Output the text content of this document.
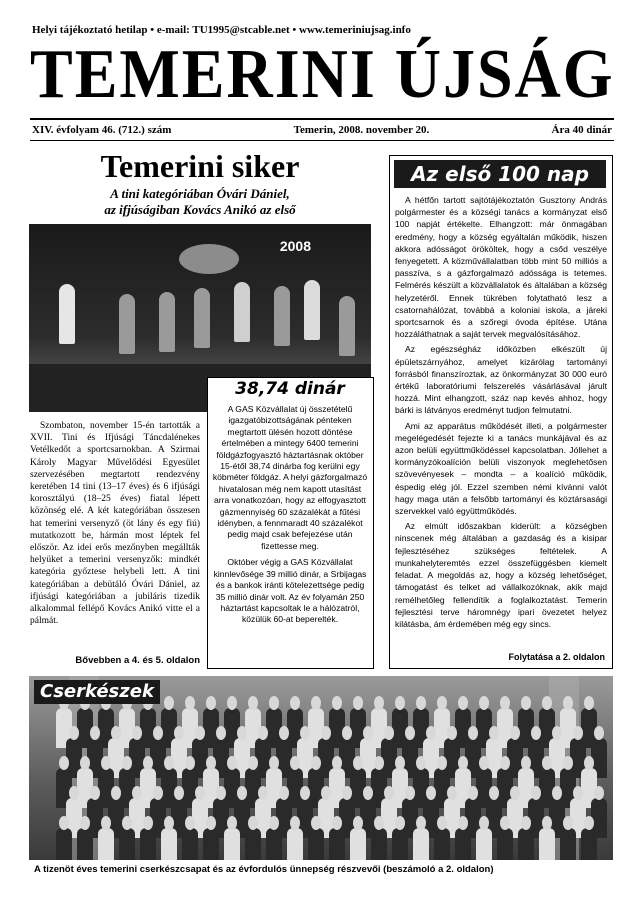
Helyi tájékoztató hetilap • e-mail: TU1995@stcable.net • www.temeriniujsag.info
TEMERINI ÚJSÁG
XIV. évfolyam 46. (712.) szám	Temerin, 2008. november 20.	Ára 40 dinár
Temerini siker
A tini kategóriában Óvári Dániel,
az ifjúságiban Kovács Anikó az első
2008

Szombaton, november 15-én tartották a XVII. Tini és Ifjúsági Táncdalénekes Vetélkedőt a sportcsarnokban. A Szirmai Károly Magyar Művelődési Egyesület szervezésében megtartott rendezvény keretében 14 tini (13–17 éves) és 6 ifjúsági korosztályú (18–25 éves) fiatal lépett közönség elé. A két kategóriában összesen hat temerini versenyző (öt lány és egy fiú) mutatkozott be, hármán most léptek fel először. Az idei erős mezőnyben megállták helyüket a temerini versenyzők: mindkét kategória győztese helybeli lett. A tini kategóriában a debütáló Óvári Dániel, az ifjúsági kategóriában a jubiláris tizedik alkalommal fellépő Kovács Anikó vitte el a pálmát.

Bővebben a 4. és 5. oldalon
38,74 dinár

A GAS Közvállalat új összetételű igazgatóbizottságának pénteken megtartott ülésén hozott döntése értelmében a mintegy 6400 temerini földgázfogyasztó háztartásnak október 15-étől 38,74 dinárba fog kerülni egy köbméter földgáz. A helyi gázforgalmazó hivatalosan még nem kapott utasítást arra vonatkozóan, hogy az elfogyasztott gázmennyiség 60 százalékát a fűtési idényben, a fennmaradt 40 százalékot pedig majd csak befejezése után fizettesse meg.

Október végig a GAS Közvállalat kinnlevősége 39 millió dinár, a Srbijagas és a bankok iránti kötelezettsége pedig 35 millió dinár volt. Az év folyamán 250 háztartást kapcsoltak le a hálózatról, közülük 60-at beperelték.

Az első 100 nap

A hétfőn tartott sajtótájékoztatón Gusztony András polgármester és a községi tanács a kormányzat első 100 napját értékelte. Elhangzott: már önmagában eredmény, hogy a község egyáltalán működik, hiszen akkora adósságot örököltek, hogy a csőd veszélye fenyegetett. A közművállalatban több mint 50 milliós a passzíva, s a gázforgalmazó adóssága is tetemes. Felmérés készült a közvállalatok és általában a község helyzetéről. Ennek tükrében folytatható lesz a csatornahálózat, továbbá a koloniai iskola, a járeki sportcsarnok és a szőregi óvoda építése. Utána hozzáláthatnak a saját tervek megvalósításához.

Az egészségház időközben elkészült új épületszárnyához, amelyet kizárólag tartományi forrásból finanszíroztak, az önkormányzat 30 000 euró értékű laboratóriumi felszerelés vásárlásával járult hozzá. Mint elhangzott, száz nap kevés ahhoz, hogy bárki is látványos eredményt tudjon felmutatni.

Ami az apparátus működését illeti, a polgármester megelégedését fejezte ki a tanács munkájával és az azon belüli együttműködéssel kapcsolatban. Jóllehet a kormányzókoalíción belüli viszonyok meglehetősen szövevényesek – mondta – a koalíció működik, éspedig elég jól. Ezzel szemben némi kívánni valót hagy maga után a felsőbb tartományi és köztársasági szervekkel való együttműködés.

Az elmúlt időszakban kiderült: a községben ninscenek még általában a gazdaság és a kisipar fejlesztéséhez szükséges feltételek. A munkahelyteremtés ezzel összefüggésben kiemelt feladat. A megoldás az, hogy a község lehetőséget, támogatást és telket ad vállalkozóknak, akik majd remélhetőleg fellendítik a foglalkoztatást. Temerin fejlesztési terve háromnégy ipari övezetet helyez kilátásba, ám érdemében még egy sincs.

Folytatása a 2. oldalon
Cserkészek
A tizenöt éves temerini cserkészcsapat és az évfordulós ünnepség részvevői (beszámoló a 2. oldalon)
